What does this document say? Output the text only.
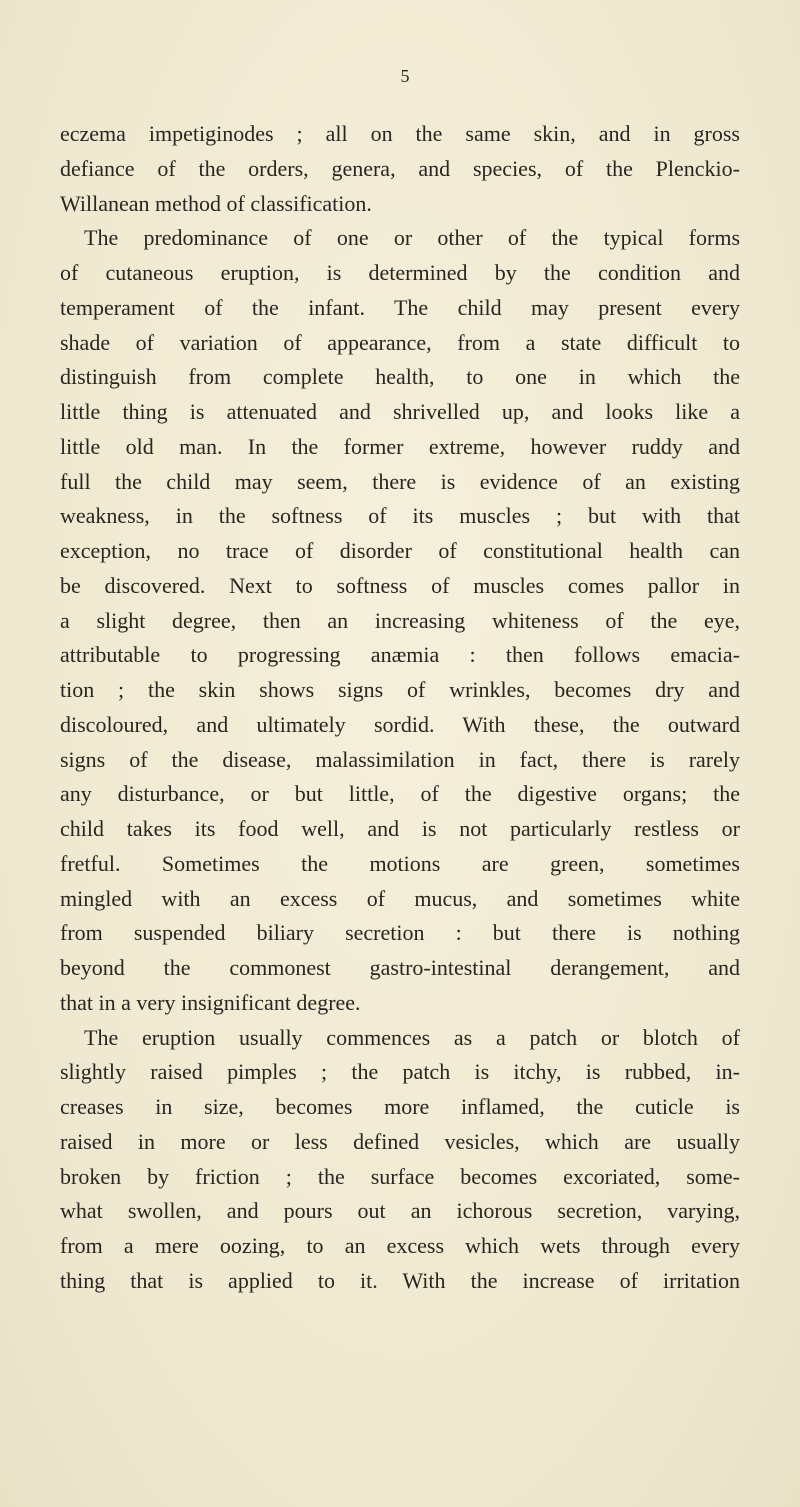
5
eczema impetiginodes ; all on the same skin, and in gross
defiance of the orders, genera, and species, of the Plenckio-
Willanean method of classification.
The predominance of one or other of the typical forms
of cutaneous eruption, is determined by the condition and
temperament of the infant. The child may present every
shade of variation of appearance, from a state difficult to
distinguish from complete health, to one in which the
little thing is attenuated and shrivelled up, and looks like a
little old man. In the former extreme, however ruddy and
full the child may seem, there is evidence of an existing
weakness, in the softness of its muscles ; but with that
exception, no trace of disorder of constitutional health can
be discovered. Next to softness of muscles comes pallor in
a slight degree, then an increasing whiteness of the eye,
attributable to progressing anæmia : then follows emacia-
tion ; the skin shows signs of wrinkles, becomes dry and
discoloured, and ultimately sordid. With these, the outward
signs of the disease, malassimilation in fact, there is rarely
any disturbance, or but little, of the digestive organs; the
child takes its food well, and is not particularly restless or
fretful. Sometimes the motions are green, sometimes
mingled with an excess of mucus, and sometimes white
from suspended biliary secretion : but there is nothing
beyond the commonest gastro-intestinal derangement, and
that in a very insignificant degree.
The eruption usually commences as a patch or blotch of
slightly raised pimples ; the patch is itchy, is rubbed, in-
creases in size, becomes more inflamed, the cuticle is
raised in more or less defined vesicles, which are usually
broken by friction ; the surface becomes excoriated, some-
what swollen, and pours out an ichorous secretion, varying,
from a mere oozing, to an excess which wets through every
thing that is applied to it. With the increase of irritation
